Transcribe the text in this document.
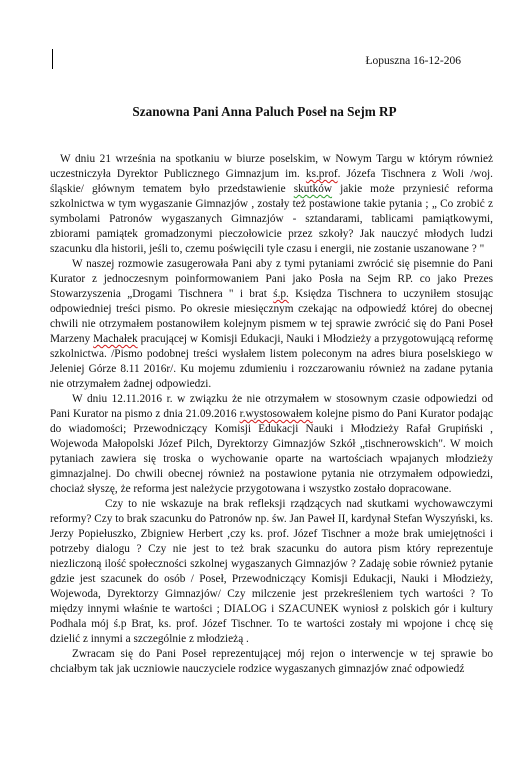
Łopuszna 16-12-206
Szanowna Pani Anna Paluch Poseł na Sejm RP

W dniu 21 września na spotkaniu w biurze poselskim, w Nowym Targu w którym również uczestniczyła Dyrektor Publicznego Gimnazjum im. ks.prof. Józefa Tischnera z Woli /woj. śląskie/ głównym tematem było przedstawienie skutków jakie może przyniesić reforma szkolnictwa w tym wygaszanie Gimnazjów , zostały też postawione takie pytania ; „ Co zrobić z symbolami Patronów wygaszanych Gimnazjów - sztandarami, tablicami pamiątkowymi, zbiorami pamiątek gromadzonymi pieczołowicie przez szkoły? Jak nauczyć młodych ludzi szacunku dla historii, jeśli to, czemu poświęcili tyle czasu i energii, nie zostanie uszanowane ? "

W naszej rozmowie zasugerowała Pani aby z tymi pytaniami zwrócić się pisemnie do Pani Kurator z jednoczesnym poinformowaniem Pani jako Posła na Sejm RP. co jako Prezes Stowarzyszenia „Drogami Tischnera " i brat ś.p. Księdza Tischnera to uczyniłem stosując odpowiedniej treści pismo. Po okresie miesięcznym czekając na odpowiedź której do obecnej chwili nie otrzymałem postanowiłem kolejnym pismem w tej sprawie zwrócić się do Pani Poseł Marzeny Machałek pracującej w Komisji Edukacji, Nauki i Młodzieży a przygotowującą reformę szkolnictwa. /Pismo podobnej treści wysłałem listem poleconym na adres biura poselskiego w Jeleniej Górze 8.11 2016r/. Ku mojemu zdumieniu i rozczarowaniu również na zadane pytania nie otrzymałem żadnej odpowiedzi.

W dniu 12.11.2016 r. w związku że nie otrzymałem w stosownym czasie odpowiedzi od Pani Kurator na pismo z dnia 21.09.2016 r.wystosowałem kolejne pismo do Pani Kurator podając do wiadomości; Przewodniczący Komisji Edukacji Nauki i Młodzieży Rafał Grupiński , Wojewoda Małopolski Józef Pilch, Dyrektorzy Gimnazjów Szkół „tischnerowskich". W moich pytaniach zawiera się troska o wychowanie oparte na wartościach wpajanych młodzieży gimnazjalnej. Do chwili obecnej również na postawione pytania nie otrzymałem odpowiedzi, chociaż słyszę, że reforma jest należycie przygotowana i wszystko zostało dopracowane.

Czy to nie wskazuje na brak refleksji rządzących nad skutkami wychowawczymi reformy? Czy to brak szacunku do Patronów np. św. Jan Paweł II, kardynał Stefan Wyszyński, ks. Jerzy Popiełuszko, Zbigniew Herbert ,czy ks. prof. Józef Tischner a może brak umiejętności i potrzeby dialogu ? Czy nie jest to też brak szacunku do autora pism który reprezentuje niezliczoną ilość społeczności szkolnej wygaszanych Gimnazjów ? Zadaję sobie również pytanie gdzie jest szacunek do osób / Poseł, Przewodniczący Komisji Edukacji, Nauki i Młodzieży, Wojewoda, Dyrektorzy Gimnazjów/ Czy milczenie jest przekreśleniem tych wartości ? To między innymi właśnie te wartości ; DIALOG i SZACUNEK wyniosł z polskich gór i kultury Podhala mój ś.p Brat, ks. prof. Józef Tischner. To te wartości zostały mi wpojone i chcę się dzielić z innymi a szczególnie z młodzieżą .

Zwracam się do Pani Poseł reprezentującej mój rejon o interwencje w tej sprawie bo chciałbym tak jak uczniowie nauczyciele rodzice wygaszanych gimnazjów znać odpowiedź
